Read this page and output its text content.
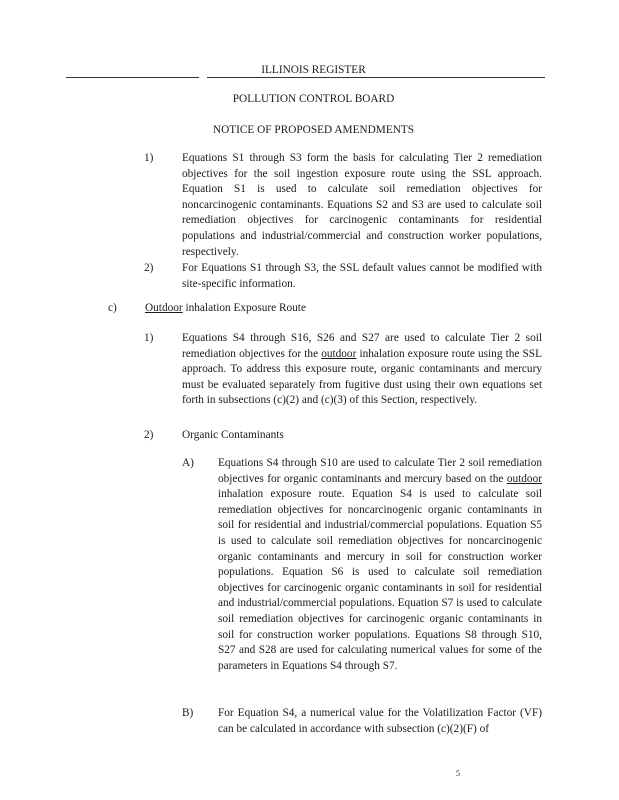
ILLINOIS REGISTER
POLLUTION CONTROL BOARD
NOTICE OF PROPOSED AMENDMENTS
1)	Equations S1 through S3 form the basis for calculating Tier 2 remediation objectives for the soil ingestion exposure route using the SSL approach. Equation S1 is used to calculate soil remediation objectives for noncarcinogenic contaminants. Equations S2 and S3 are used to calculate soil remediation objectives for carcinogenic contaminants for residential populations and industrial/commercial and construction worker populations, respectively.
2)	For Equations S1 through S3, the SSL default values cannot be modified with site-specific information.
c) Outdoor inhalation Exposure Route
1)	Equations S4 through S16, S26 and S27 are used to calculate Tier 2 soil remediation objectives for the outdoor inhalation exposure route using the SSL approach. To address this exposure route, organic contaminants and mercury must be evaluated separately from fugitive dust using their own equations set forth in subsections (c)(2) and (c)(3) of this Section, respectively.
2)	Organic Contaminants
A) Equations S4 through S10 are used to calculate Tier 2 soil remediation objectives for organic contaminants and mercury based on the outdoor inhalation exposure route. Equation S4 is used to calculate soil remediation objectives for noncarcinogenic organic contaminants in soil for residential and industrial/commercial populations. Equation S5 is used to calculate soil remediation objectives for noncarcinogenic organic contaminants and mercury in soil for construction worker populations. Equation S6 is used to calculate soil remediation objectives for carcinogenic organic contaminants in soil for residential and industrial/commercial populations. Equation S7 is used to calculate soil remediation objectives for carcinogenic organic contaminants in soil for construction worker populations. Equations S8 through S10, S27 and S28 are used for calculating numerical values for some of the parameters in Equations S4 through S7.
B) For Equation S4, a numerical value for the Volatilization Factor (VF) can be calculated in accordance with subsection (c)(2)(F) of
5
